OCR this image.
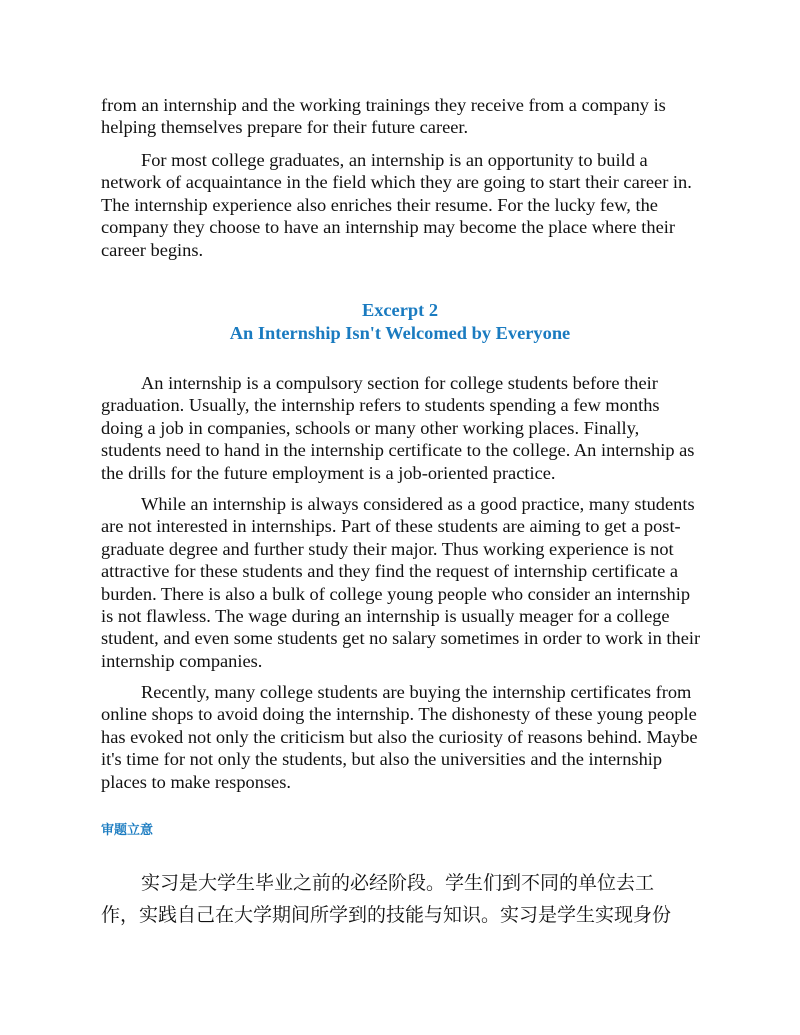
from an internship and the working trainings they receive from a company is helping themselves prepare for their future career.

For most college graduates, an internship is an opportunity to build a network of acquaintance in the field which they are going to start their career in. The internship experience also enriches their resume. For the lucky few, the company they choose to have an internship may become the place where their career begins.

Excerpt 2
An Internship Isn't Welcomed by Everyone

An internship is a compulsory section for college students before their graduation. Usually, the internship refers to students spending a few months doing a job in companies, schools or many other working places. Finally, students need to hand in the internship certificate to the college. An internship as the drills for the future employment is a job-oriented practice.

While an internship is always considered as a good practice, many students are not interested in internships. Part of these students are aiming to get a post-graduate degree and further study their major. Thus working experience is not attractive for these students and they find the request of internship certificate a burden. There is also a bulk of college young people who consider an internship is not flawless. The wage during an internship is usually meager for a college student, and even some students get no salary sometimes in order to work in their internship companies.

Recently, many college students are buying the internship certificates from online shops to avoid doing the internship. The dishonesty of these young people has evoked not only the criticism but also the curiosity of reasons behind. Maybe it's time for not only the students, but also the universities and the internship places to make responses.

审题立意

实习是大学生毕业之前的必经阶段。学生们到不同的单位去工

作，实践自己在大学期间所学到的技能与知识。实习是学生实现身份
